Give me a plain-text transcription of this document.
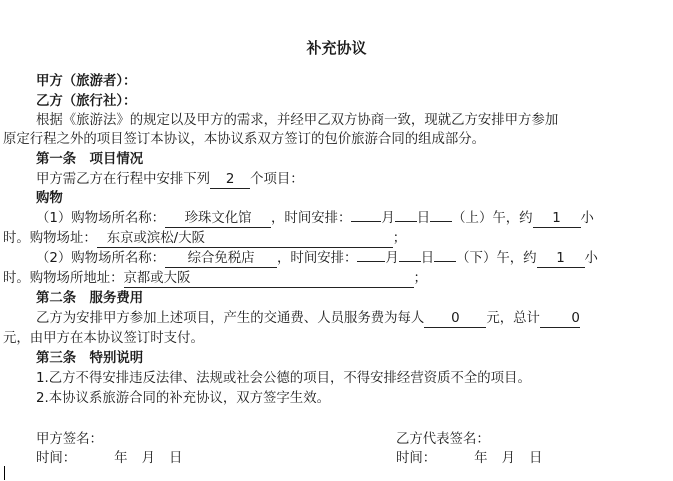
补充协议
甲方（旅游者）：
乙方（旅行社）：
根据《旅游法》的规定以及甲方的需求，并经甲乙双方协商一致，现就乙方安排甲方参加
原定行程之外的项目签订本协议，本协议系双方签订的包价旅游合同的组成部分。
第一条　项目情况
甲方需乙方在行程中安排下列 2 个项目：
购物
（1）购物场所名称： 珍珠文化馆 ，时间安排： 月 日 （上）午，约 1 小
时。购物场址： 东京或滨松/大阪	；
（2）购物场所名称： 综合免税店 ，时间安排： 月 日 （下）午，约 1 小
时。购物场所地址：京都或大阪	；
第二条　服务费用
乙方为安排甲方参加上述项目，产生的交通费、人员服务费为每人 0 元，总计 0
元，由甲方在本协议签订时支付。
第三条　特别说明
1.乙方不得安排违反法律、法规或社会公德的项目，不得安排经营资质不全的项目。
2.本协议系旅游合同的补充协议，双方签字生效。
甲方签名：	乙方代表签名：
时间：	年 月 日	时间：	年 月 日
